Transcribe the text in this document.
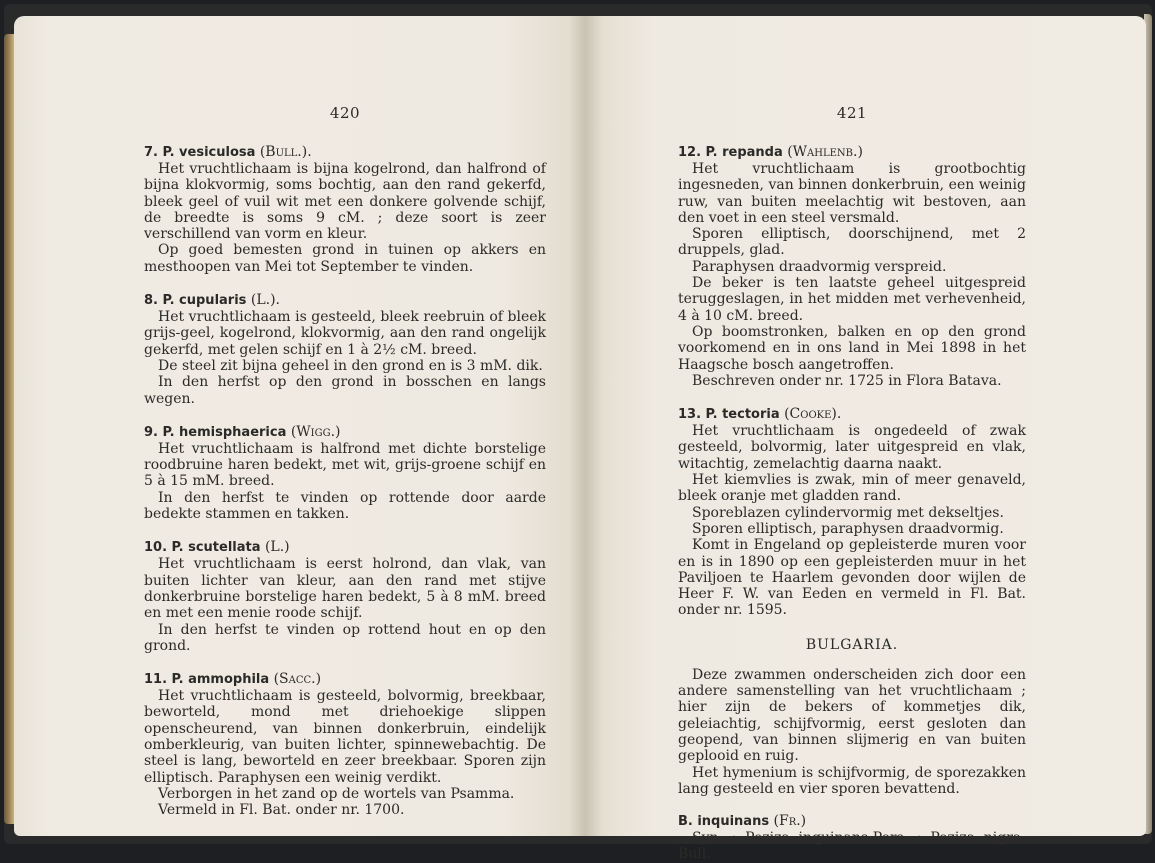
420

7. P. vesiculosa (Bull.).

Het vruchtlichaam is bijna kogelrond, dan halfrond of bijna klokvormig, soms bochtig, aan den rand gekerfd, bleek geel of vuil wit met een donkere golvende schijf, de breedte is soms 9 cM. ; deze soort is zeer verschillend van vorm en kleur.

Op goed bemesten grond in tuinen op akkers en mesthoopen van Mei tot September te vinden.

8. P. cupularis (L.).

Het vruchtlichaam is gesteeld, bleek reebruin of bleek grijs-geel, kogelrond, klokvormig, aan den rand ongelijk gekerfd, met gelen schijf en 1 à 2½ cM. breed.

De steel zit bijna geheel in den grond en is 3 mM. dik.

In den herfst op den grond in bosschen en langs wegen.

9. P. hemisphaerica (Wigg.)

Het vruchtlichaam is halfrond met dichte borstelige roodbruine haren bedekt, met wit, grijs-groene schijf en 5 à 15 mM. breed.

In den herfst te vinden op rottende door aarde bedekte stammen en takken.

10. P. scutellata (L.)

Het vruchtlichaam is eerst holrond, dan vlak, van buiten lichter van kleur, aan den rand met stijve donkerbruine borstelige haren bedekt, 5 à 8 mM. breed en met een menie roode schijf.

In den herfst te vinden op rottend hout en op den grond.

11. P. ammophila (Sacc.)

Het vruchtlichaam is gesteeld, bolvormig, breekbaar, beworteld, mond met driehoekige slippen openscheurend, van binnen donkerbruin, eindelijk omberkleurig, van buiten lichter, spinnewebachtig. De steel is lang, beworteld en zeer breekbaar. Sporen zijn elliptisch. Paraphysen een weinig verdikt.

Verborgen in het zand op de wortels van Psamma.

Vermeld in Fl. Bat. onder nr. 1700.

421

12. P. repanda (Wahlenb.)

Het vruchtlichaam is grootbochtig ingesneden, van binnen donkerbruin, een weinig ruw, van buiten meelachtig wit bestoven, aan den voet in een steel versmald.

Sporen elliptisch, doorschijnend, met 2 druppels, glad.

Paraphysen draadvormig verspreid.

De beker is ten laatste geheel uitgespreid teruggeslagen, in het midden met verhevenheid, 4 à 10 cM. breed.

Op boomstronken, balken en op den grond voorkomend en in ons land in Mei 1898 in het Haagsche bosch aangetroffen.

Beschreven onder nr. 1725 in Flora Batava.

13. P. tectoria (Cooke).

Het vruchtlichaam is ongedeeld of zwak gesteeld, bolvormig, later uitgespreid en vlak, witachtig, zemelachtig daarna naakt.

Het kiemvlies is zwak, min of meer genaveld, bleek oranje met gladden rand.

Sporeblazen cylindervormig met dekseltjes.

Sporen elliptisch, paraphysen draadvormig.

Komt in Engeland op gepleisterde muren voor en is in 1890 op een gepleisterden muur in het Paviljoen te Haarlem gevonden door wijlen de Heer F. W. van Eeden en vermeld in Fl. Bat. onder nr. 1595.

BULGARIA.

Deze zwammen onderscheiden zich door een andere samenstelling van het vruchtlichaam ; hier zijn de bekers of kommetjes dik, geleiachtig, schijfvormig, eerst gesloten dan geopend, van binnen slijmerig en van buiten geplooid en ruig.

Het hymenium is schijfvormig, de sporezakken lang gesteeld en vier sporen bevattend.

B. inquinans (Fr.)

Syn. : Peziza inquinans-Pers. ; Peziza nigra-Bull.
